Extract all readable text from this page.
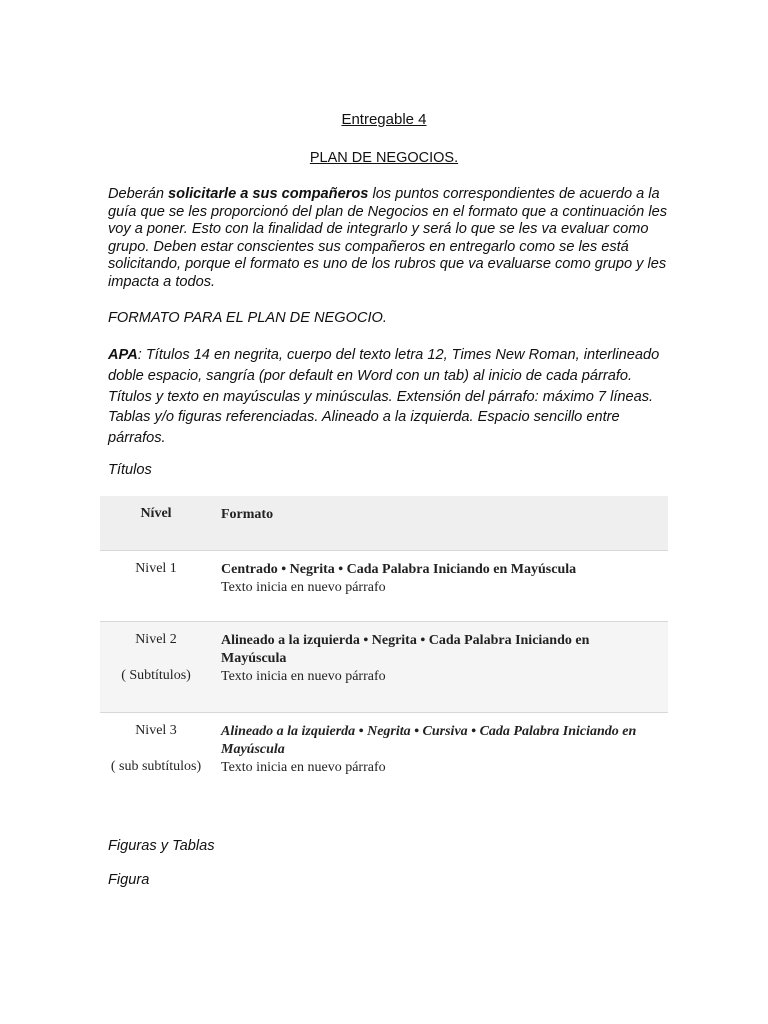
Entregable 4
PLAN DE NEGOCIOS.
Deberán solicitarle a sus compañeros los puntos correspondientes de acuerdo a la guía que se les proporcionó del plan de Negocios en el formato que a continuación les voy a poner. Esto con la finalidad de integrarlo y será lo que se les va evaluar como grupo. Deben estar conscientes sus compañeros en entregarlo como se les está solicitando, porque el formato es uno de los rubros que va evaluarse como grupo y les impacta a todos.
FORMATO PARA EL PLAN DE NEGOCIO.
APA: Títulos 14 en negrita, cuerpo del texto letra 12, Times New Roman, interlineado doble espacio, sangría (por default en Word con un tab) al inicio de cada párrafo. Títulos y texto en mayúsculas y minúsculas. Extensión del párrafo: máximo 7 líneas. Tablas y/o figuras referenciadas. Alineado a la izquierda. Espacio sencillo entre párrafos.
Títulos
Nível	Formato
Nivel 1	Centrado • Negrita • Cada Palabra Iniciando en Mayúscula
Texto inicia en nuevo párrafo
Nivel 2
( Subtítulos)
Alineado a la izquierda • Negrita • Cada Palabra Iniciando en Mayúscula
Texto inicia en nuevo párrafo
Nivel 3
( sub subtítulos)
Alineado a la izquierda • Negrita • Cursiva • Cada Palabra Iniciando en Mayúscula
Texto inicia en nuevo párrafo
Figuras y Tablas
Figura
